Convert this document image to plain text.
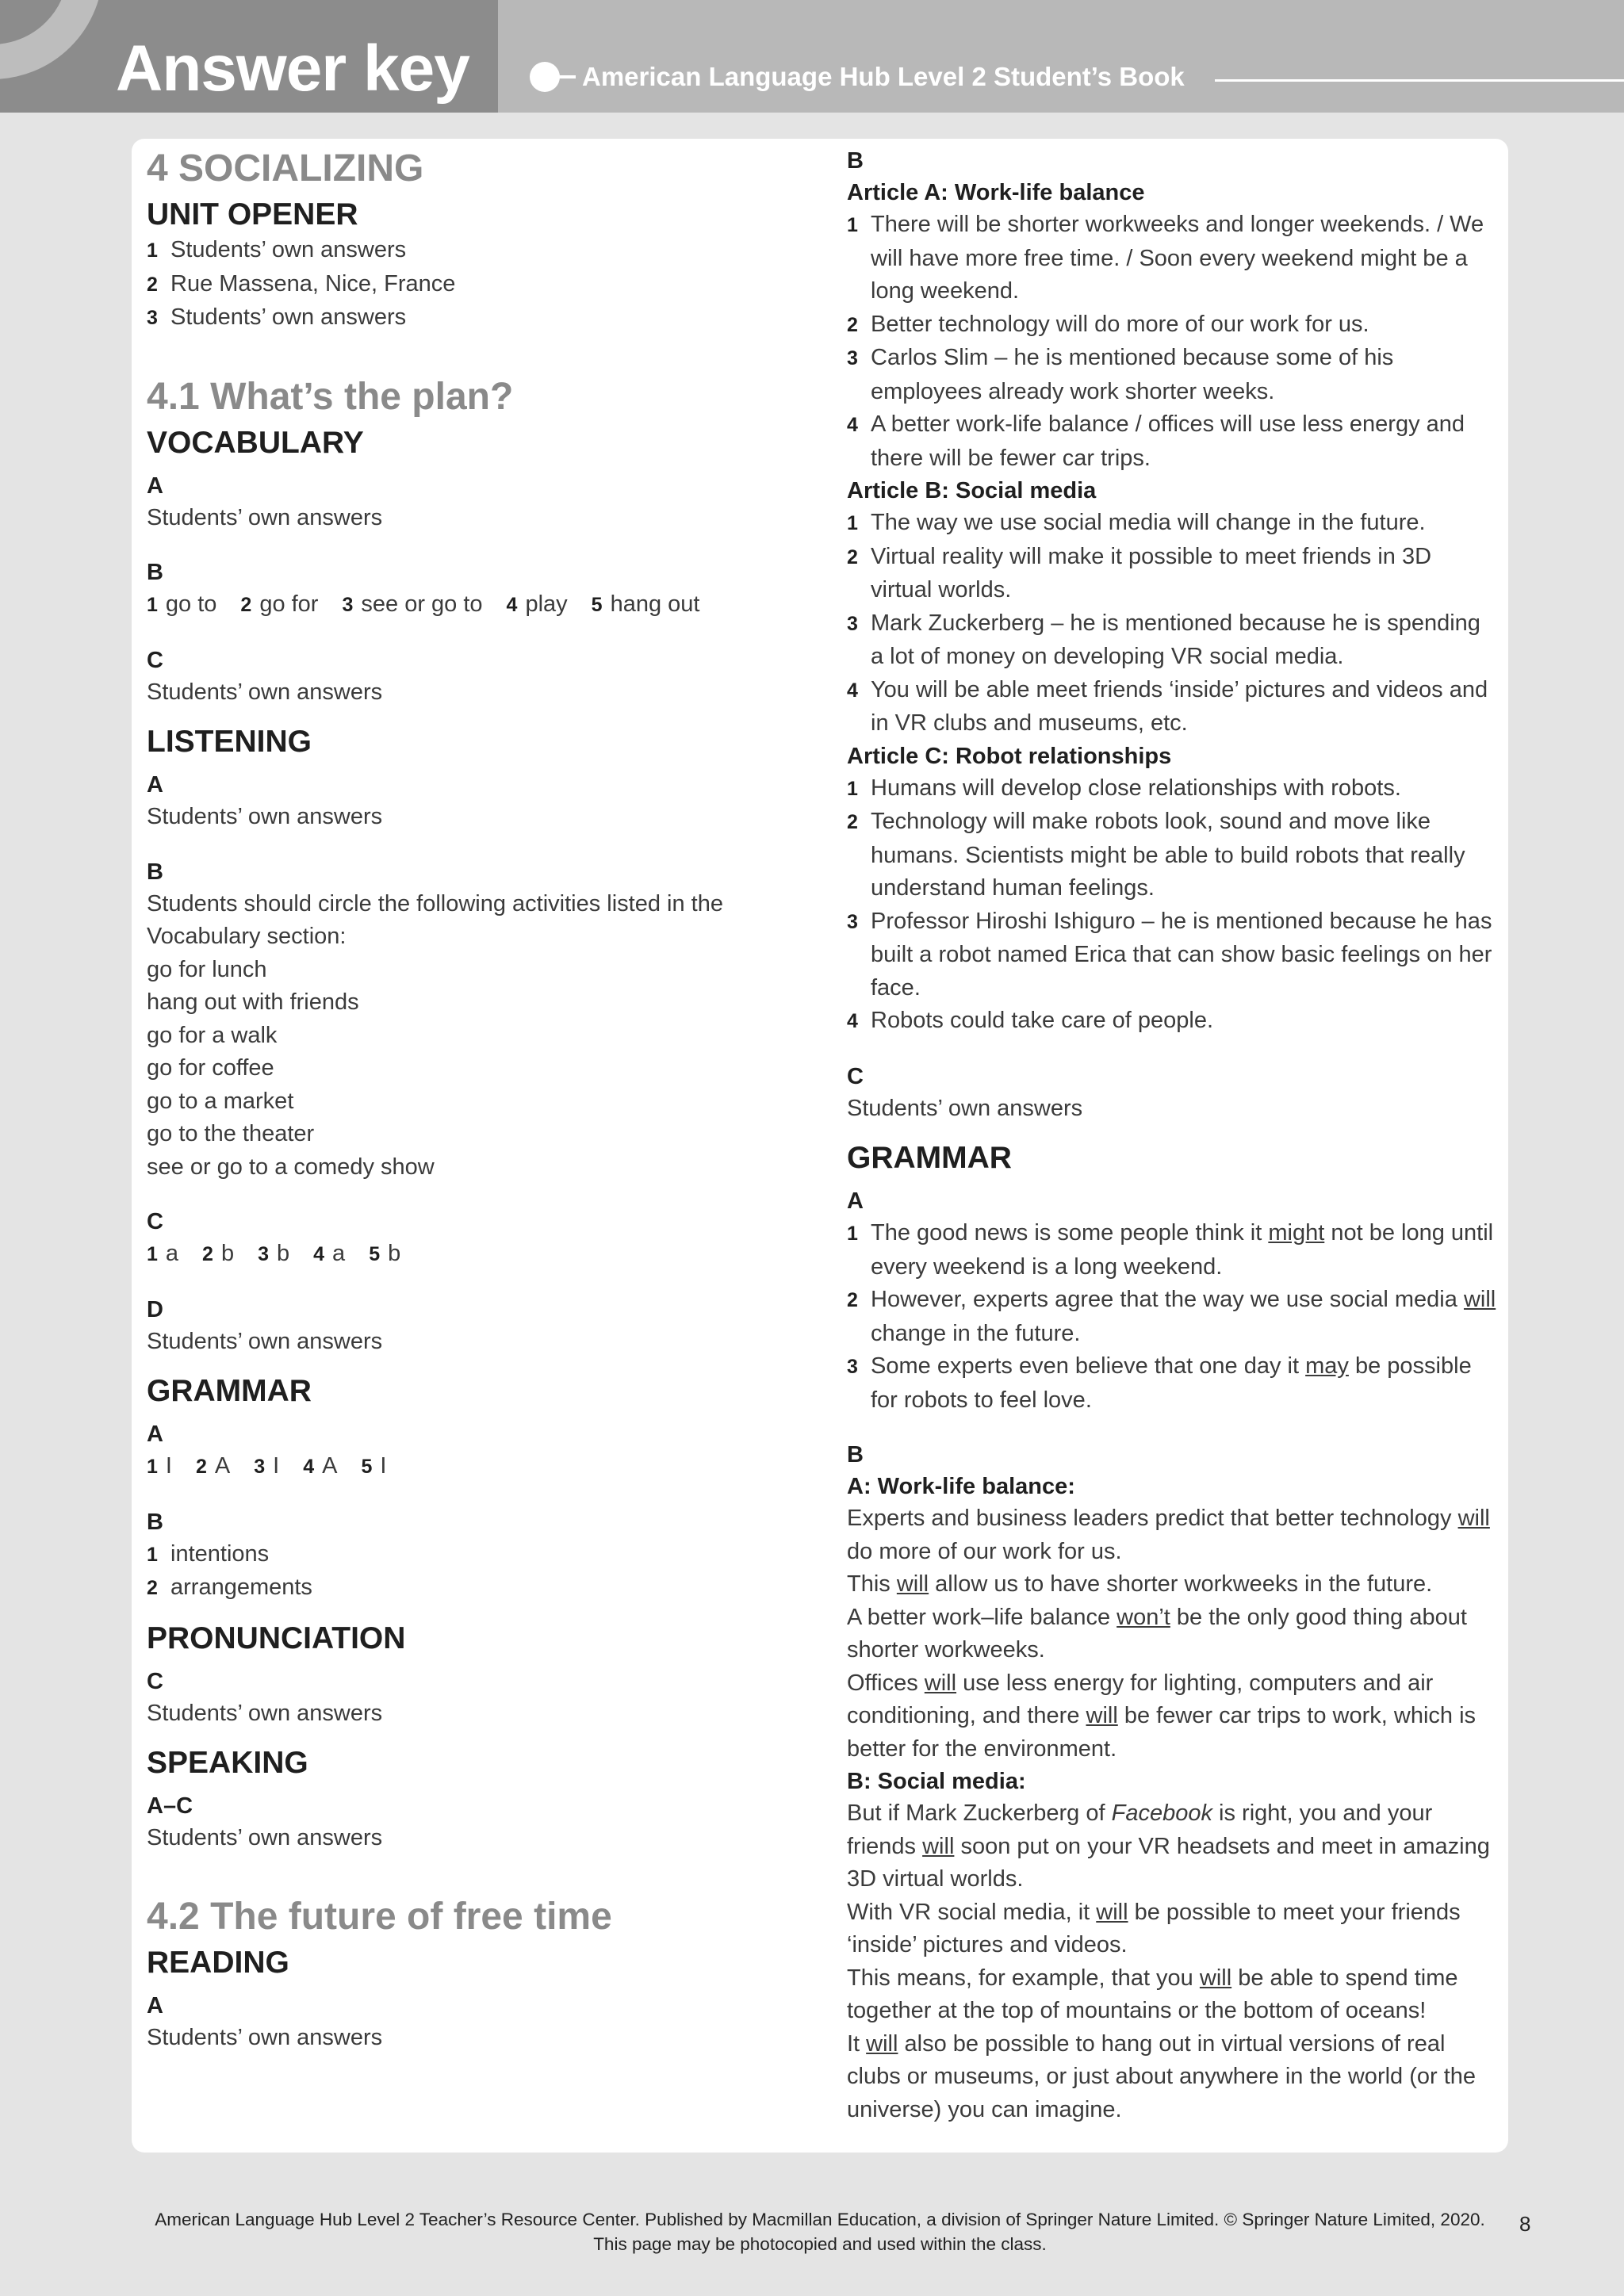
Answer key	American Language Hub Level 2 Student’s Book
4 SOCIALIZING
UNIT OPENER
1 Students’ own answers
2 Rue Massena, Nice, France
3 Students’ own answers
4.1 What’s the plan?
VOCABULARY
A
Students’ own answers
B
1 go to 2 go for 3 see or go to 4 play 5 hang out
C
Students’ own answers
LISTENING
A
Students’ own answers
B
Students should circle the following activities listed in the Vocabulary section:
go for lunch
hang out with friends
go for a walk
go for coffee
go to a market
go to the theater
see or go to a comedy show
C
1 a 2 b 3 b 4 a 5 b
D
Students’ own answers
GRAMMAR
A
1 I 2 A 3 I 4 A 5 I
B
1 intentions
2 arrangements
PRONUNCIATION
C
Students’ own answers
SPEAKING
A–C
Students’ own answers
4.2 The future of free time
READING
A
Students’ own answers
B
Article A: Work-life balance
1 There will be shorter workweeks and longer weekends. / We will have more free time. / Soon every weekend might be a long weekend.
2 Better technology will do more of our work for us.
3 Carlos Slim – he is mentioned because some of his employees already work shorter weeks.
4 A better work-life balance / offices will use less energy and there will be fewer car trips.
Article B: Social media
1 The way we use social media will change in the future.
2 Virtual reality will make it possible to meet friends in 3D virtual worlds.
3 Mark Zuckerberg – he is mentioned because he is spending a lot of money on developing VR social media.
4 You will be able meet friends ‘inside’ pictures and videos and in VR clubs and museums, etc.
Article C: Robot relationships
1 Humans will develop close relationships with robots.
2 Technology will make robots look, sound and move like humans. Scientists might be able to build robots that really understand human feelings.
3 Professor Hiroshi Ishiguro – he is mentioned because he has built a robot named Erica that can show basic feelings on her face.
4 Robots could take care of people.
C
Students’ own answers
GRAMMAR
A
1 The good news is some people think it might not be long until every weekend is a long weekend.
2 However, experts agree that the way we use social media will change in the future.
3 Some experts even believe that one day it may be possible for robots to feel love.
B
A: Work-life balance:
Experts and business leaders predict that better technology will do more of our work for us.
This will allow us to have shorter workweeks in the future.
A better work–life balance won’t be the only good thing about shorter workweeks.
Offices will use less energy for lighting, computers and air conditioning, and there will be fewer car trips to work, which is better for the environment.
B: Social media:
But if Mark Zuckerberg of Facebook is right, you and your friends will soon put on your VR headsets and meet in amazing 3D virtual worlds.
With VR social media, it will be possible to meet your friends ‘inside’ pictures and videos.
This means, for example, that you will be able to spend time together at the top of mountains or the bottom of oceans!
It will also be possible to hang out in virtual versions of real clubs or museums, or just about anywhere in the world (or the universe) you can imagine.
American Language Hub Level 2 Teacher’s Resource Center. Published by Macmillan Education, a division of Springer Nature Limited. © Springer Nature Limited, 2020.
This page may be photocopied and used within the class.
8
